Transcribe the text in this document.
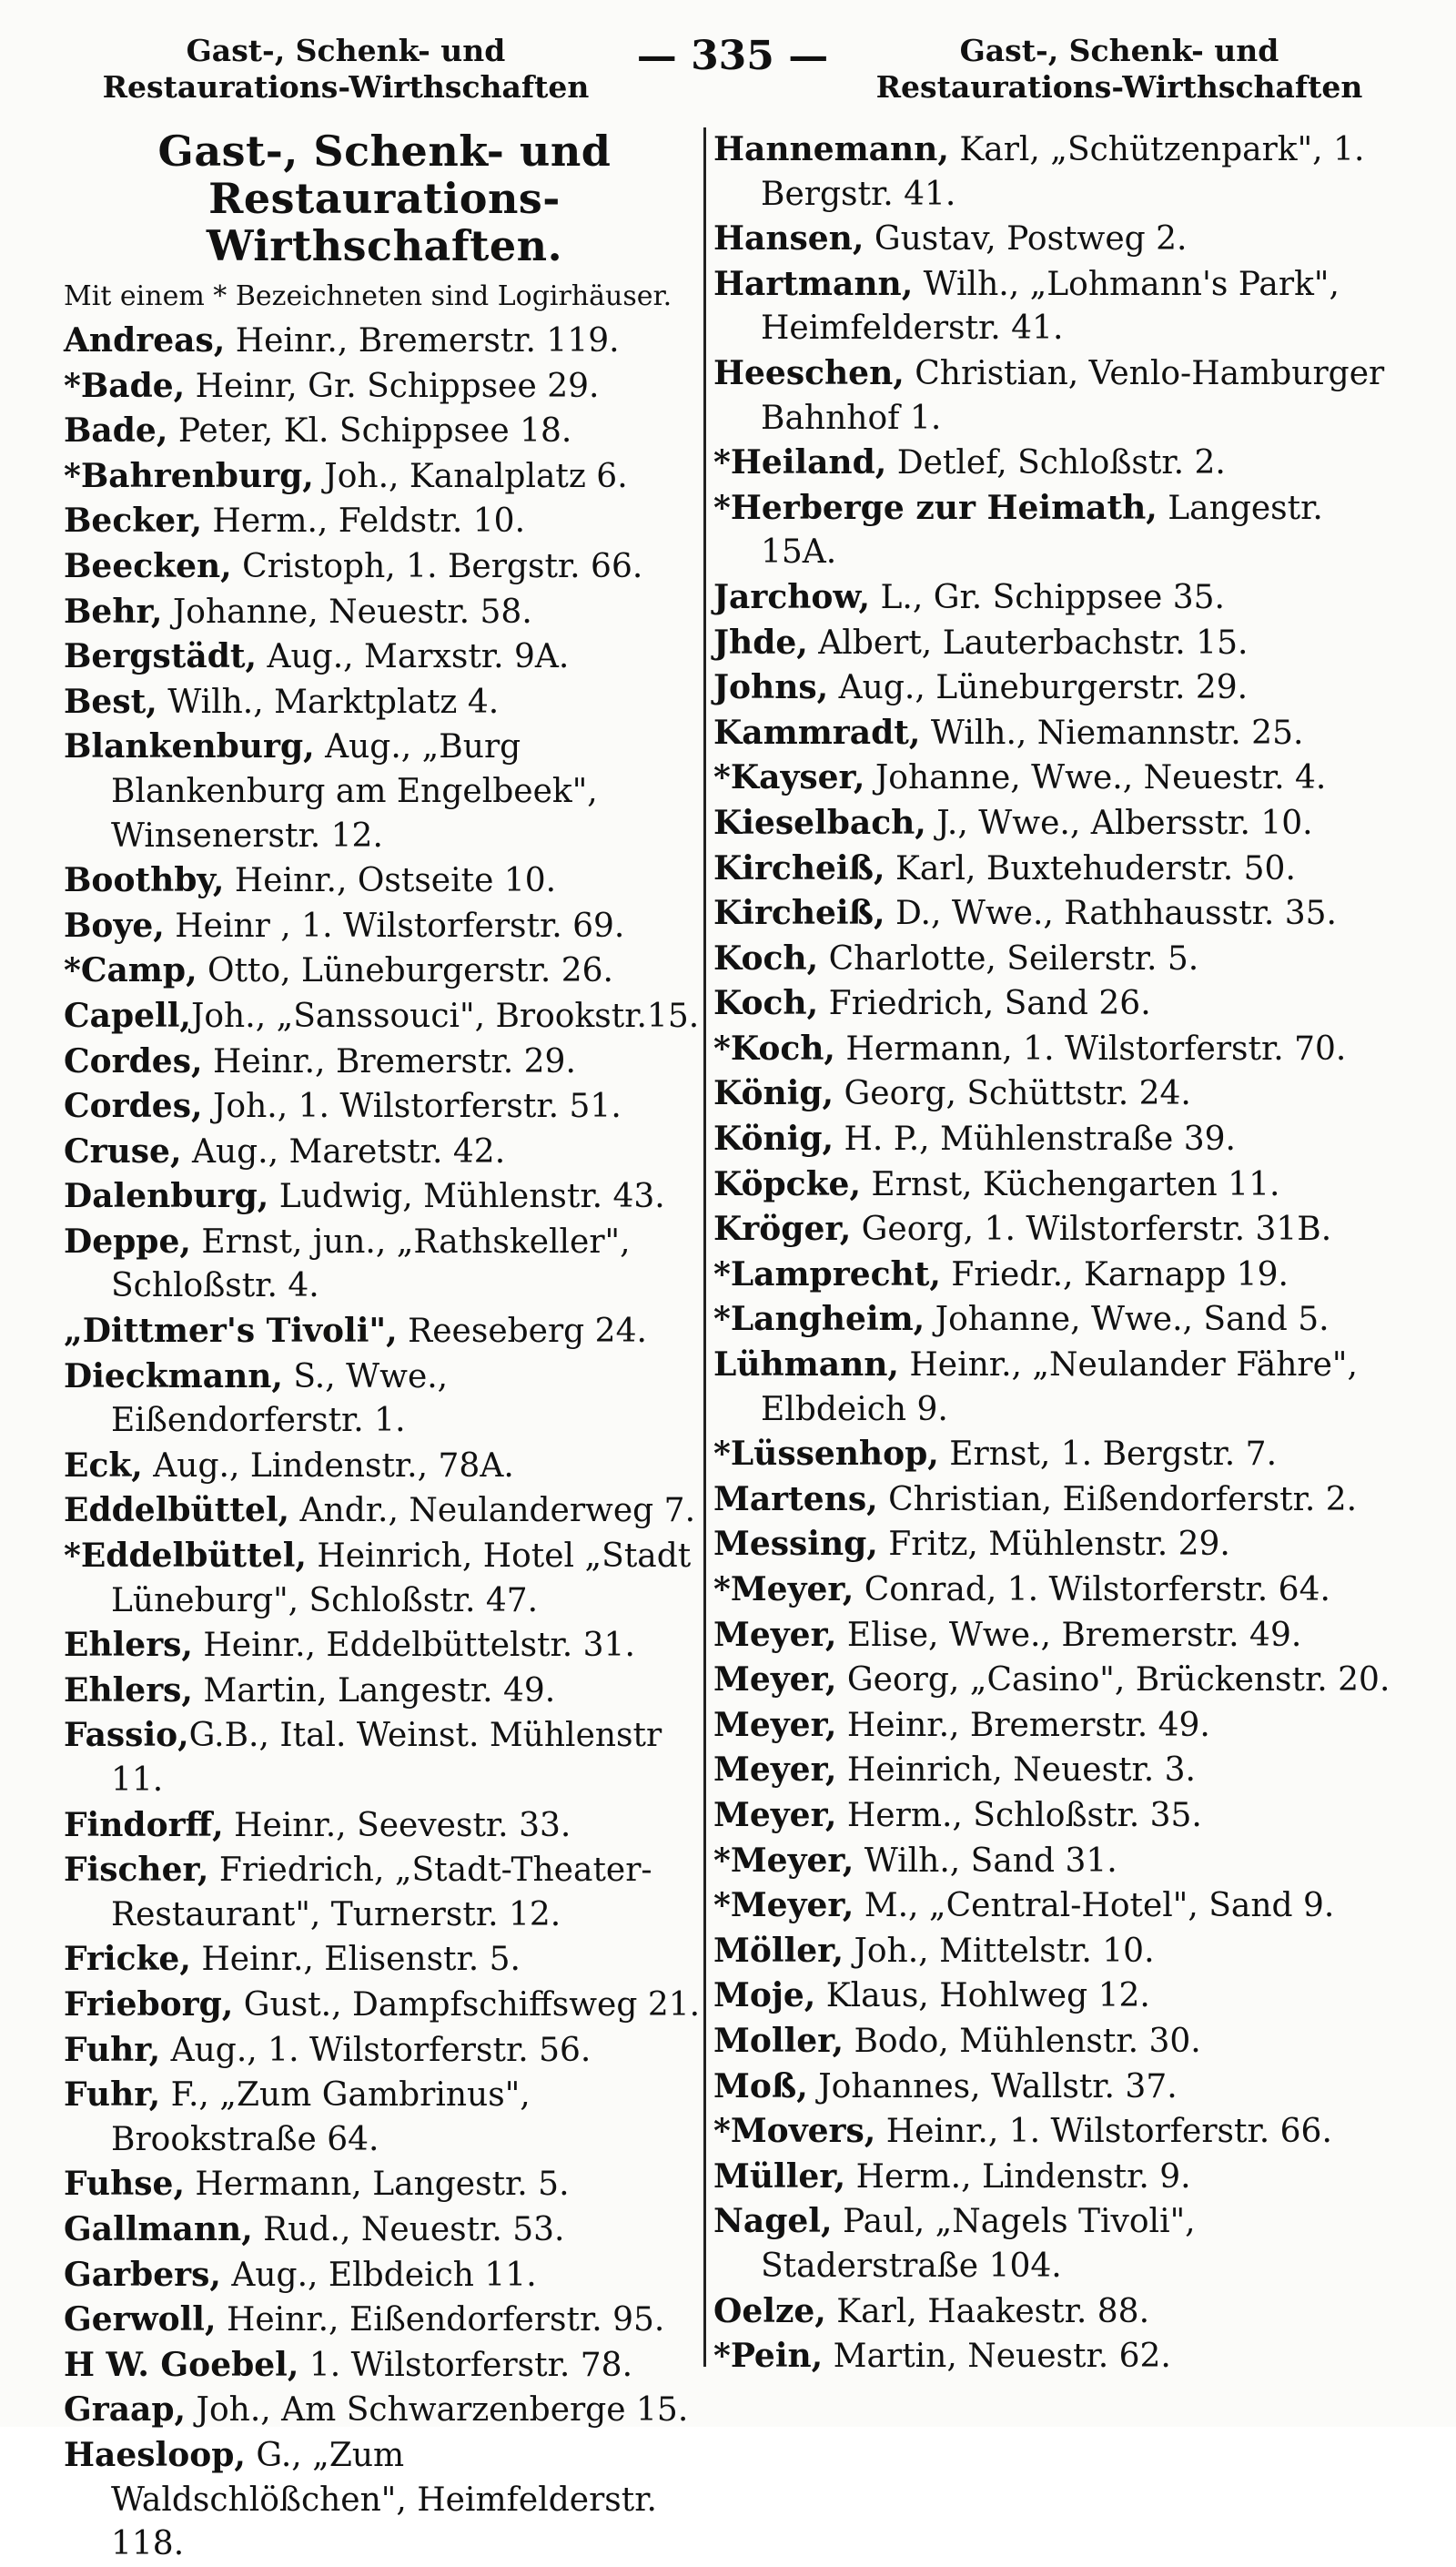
Gast-, Schenk- und Restaurations-Wirthschaften
— 335 —	Gast-, Schenk- und Restaurations-Wirthschaften
Gast-, Schenk- und Restaurations-Wirthschaften.
Mit einem * Bezeichneten sind Logirhäuser.

Andreas, Heinr., Bremerstr. 119.

*Bade, Heinr, Gr. Schippsee 29.

Bade, Peter, Kl. Schippsee 18.

*Bahrenburg, Joh., Kanalplatz 6.

Becker, Herm., Feldstr. 10.

Beecken, Cristoph, 1. Bergstr. 66.

Behr, Johanne, Neuestr. 58.

Bergstädt, Aug., Marxstr. 9A.

Best, Wilh., Marktplatz 4.

Blankenburg, Aug., „Burg Blankenburg am Engelbeek", Winsenerstr. 12.

Boothby, Heinr., Ostseite 10.

Boye, Heinr , 1. Wilstorferstr. 69.

*Camp, Otto, Lüneburgerstr. 26.

Capell,Joh., „Sanssouci", Brookstr.15.

Cordes, Heinr., Bremerstr. 29.

Cordes, Joh., 1. Wilstorferstr. 51.

Cruse, Aug., Maretstr. 42.

Dalenburg, Ludwig, Mühlenstr. 43.

Deppe, Ernst, jun., „Rathskeller", Schloßstr. 4.

„Dittmer's Tivoli", Reeseberg 24.

Dieckmann, S., Wwe., Eißendorferstr. 1.

Eck, Aug., Lindenstr., 78A.

Eddelbüttel, Andr., Neulanderweg 7.

*Eddelbüttel, Heinrich, Hotel „Stadt Lüneburg", Schloßstr. 47.

Ehlers, Heinr., Eddelbüttelstr. 31.

Ehlers, Martin, Langestr. 49.

Fassio,G.B., Ital. Weinst. Mühlenstr 11.

Findorff, Heinr., Seevestr. 33.

Fischer, Friedrich, „Stadt-Theater-Restaurant", Turnerstr. 12.

Fricke, Heinr., Elisenstr. 5.

Frieborg, Gust., Dampfschiffsweg 21.

Fuhr, Aug., 1. Wilstorferstr. 56.

Fuhr, F., „Zum Gambrinus", Brookstraße 64.

Fuhse, Hermann, Langestr. 5.

Gallmann, Rud., Neuestr. 53.

Garbers, Aug., Elbdeich 11.

Gerwoll, Heinr., Eißendorferstr. 95.

H W. Goebel, 1. Wilstorferstr. 78.

Graap, Joh., Am Schwarzenberge 15.

Haesloop, G., „Zum Waldschlößchen", Heimfelderstr. 118.

Hannemann, Karl, „Schützenpark", 1. Bergstr. 41.

Hansen, Gustav, Postweg 2.

Hartmann, Wilh., „Lohmann's Park", Heimfelderstr. 41.

Heeschen, Christian, Venlo-Hamburger Bahnhof 1.

*Heiland, Detlef, Schloßstr. 2.

*Herberge zur Heimath, Langestr. 15A.

Jarchow, L., Gr. Schippsee 35.

Jhde, Albert, Lauterbachstr. 15.

Johns, Aug., Lüneburgerstr. 29.

Kammradt, Wilh., Niemannstr. 25.

*Kayser, Johanne, Wwe., Neuestr. 4.

Kieselbach, J., Wwe., Albersstr. 10.

Kircheiß, Karl, Buxtehuderstr. 50.

Kircheiß, D., Wwe., Rathhausstr. 35.

Koch, Charlotte, Seilerstr. 5.

Koch, Friedrich, Sand 26.

*Koch, Hermann, 1. Wilstorferstr. 70.

König, Georg, Schüttstr. 24.

König, H. P., Mühlenstraße 39.

Köpcke, Ernst, Küchengarten 11.

Kröger, Georg, 1. Wilstorferstr. 31B.

*Lamprecht, Friedr., Karnapp 19.

*Langheim, Johanne, Wwe., Sand 5.

Lühmann, Heinr., „Neulander Fähre", Elbdeich 9.

*Lüssenhop, Ernst, 1. Bergstr. 7.

Martens, Christian, Eißendorferstr. 2.

Messing, Fritz, Mühlenstr. 29.

*Meyer, Conrad, 1. Wilstorferstr. 64.

Meyer, Elise, Wwe., Bremerstr. 49.

Meyer, Georg, „Casino", Brückenstr. 20.

Meyer, Heinr., Bremerstr. 49.

Meyer, Heinrich, Neuestr. 3.

Meyer, Herm., Schloßstr. 35.

*Meyer, Wilh., Sand 31.

*Meyer, M., „Central-Hotel", Sand 9.

Möller, Joh., Mittelstr. 10.

Moje, Klaus, Hohlweg 12.

Moller, Bodo, Mühlenstr. 30.

Moß, Johannes, Wallstr. 37.

*Movers, Heinr., 1. Wilstorferstr. 66.

Müller, Herm., Lindenstr. 9.

Nagel, Paul, „Nagels Tivoli", Staderstraße 104.

Oelze, Karl, Haakestr. 88.

*Pein, Martin, Neuestr. 62.
